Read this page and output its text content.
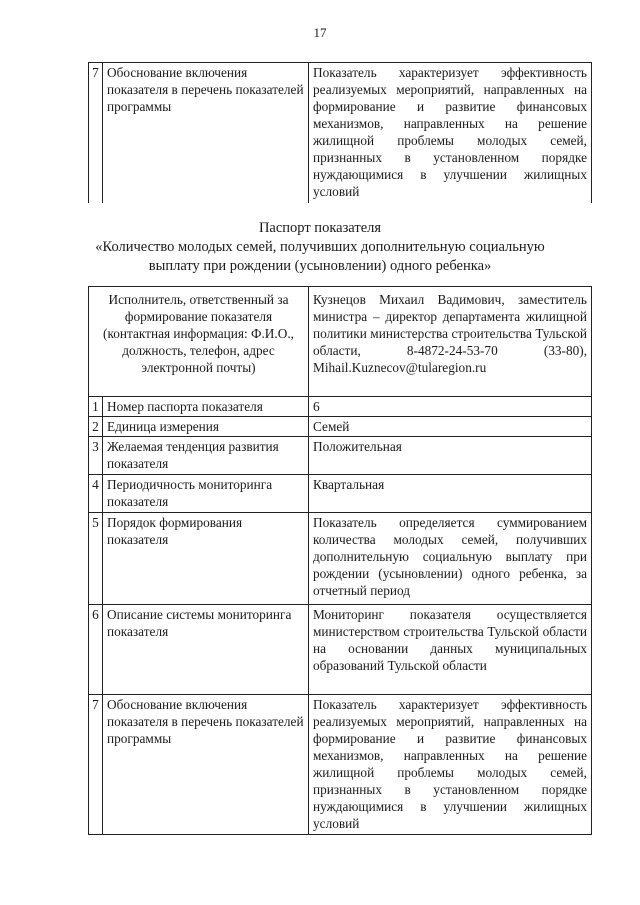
17
7	Обоснование включения показателя в перечень показателей программы	Показатель характеризует эффективность реализуемых мероприятий, направленных на формирование и развитие финансовых механизмов, направленных на решение жилищной проблемы молодых семей, признанных в установленном порядке нуждающимися в улучшении жилищных условий
Паспорт показателя
«Количество молодых семей, получивших дополнительную социальную
выплату при рождении (усыновлении) одного ребенка»
Исполнитель, ответственный за формирование показателя (контактная информация: Ф.И.О., должность, телефон, адрес электронной почты)		Кузнецов Михаил Вадимович, заместитель министра – директор департамента жилищной политики министерства строительства Тульской области, 8-4872-24-53-70 (33-80), Mihail.Kuznecov@tularegion.ru
1	Номер паспорта показателя	6
2	Единица измерения	Семей
3	Желаемая тенденция развития показателя	Положительная
4	Периодичность мониторинга показателя	Квартальная
5	Порядок формирования показателя	Показатель определяется суммированием количества молодых семей, получивших дополнительную социальную выплату при рождении (усыновлении) одного ребенка, за отчетный период
6	Описание системы мониторинга показателя	Мониторинг показателя осуществляется министерством строительства Тульской области на основании данных муниципальных образований Тульской области
7	Обоснование включения показателя в перечень показателей программы	Показатель характеризует эффективность реализуемых мероприятий, направленных на формирование и развитие финансовых механизмов, направленных на решение жилищной проблемы молодых семей, признанных в установленном порядке нуждающимися в улучшении жилищных условий
